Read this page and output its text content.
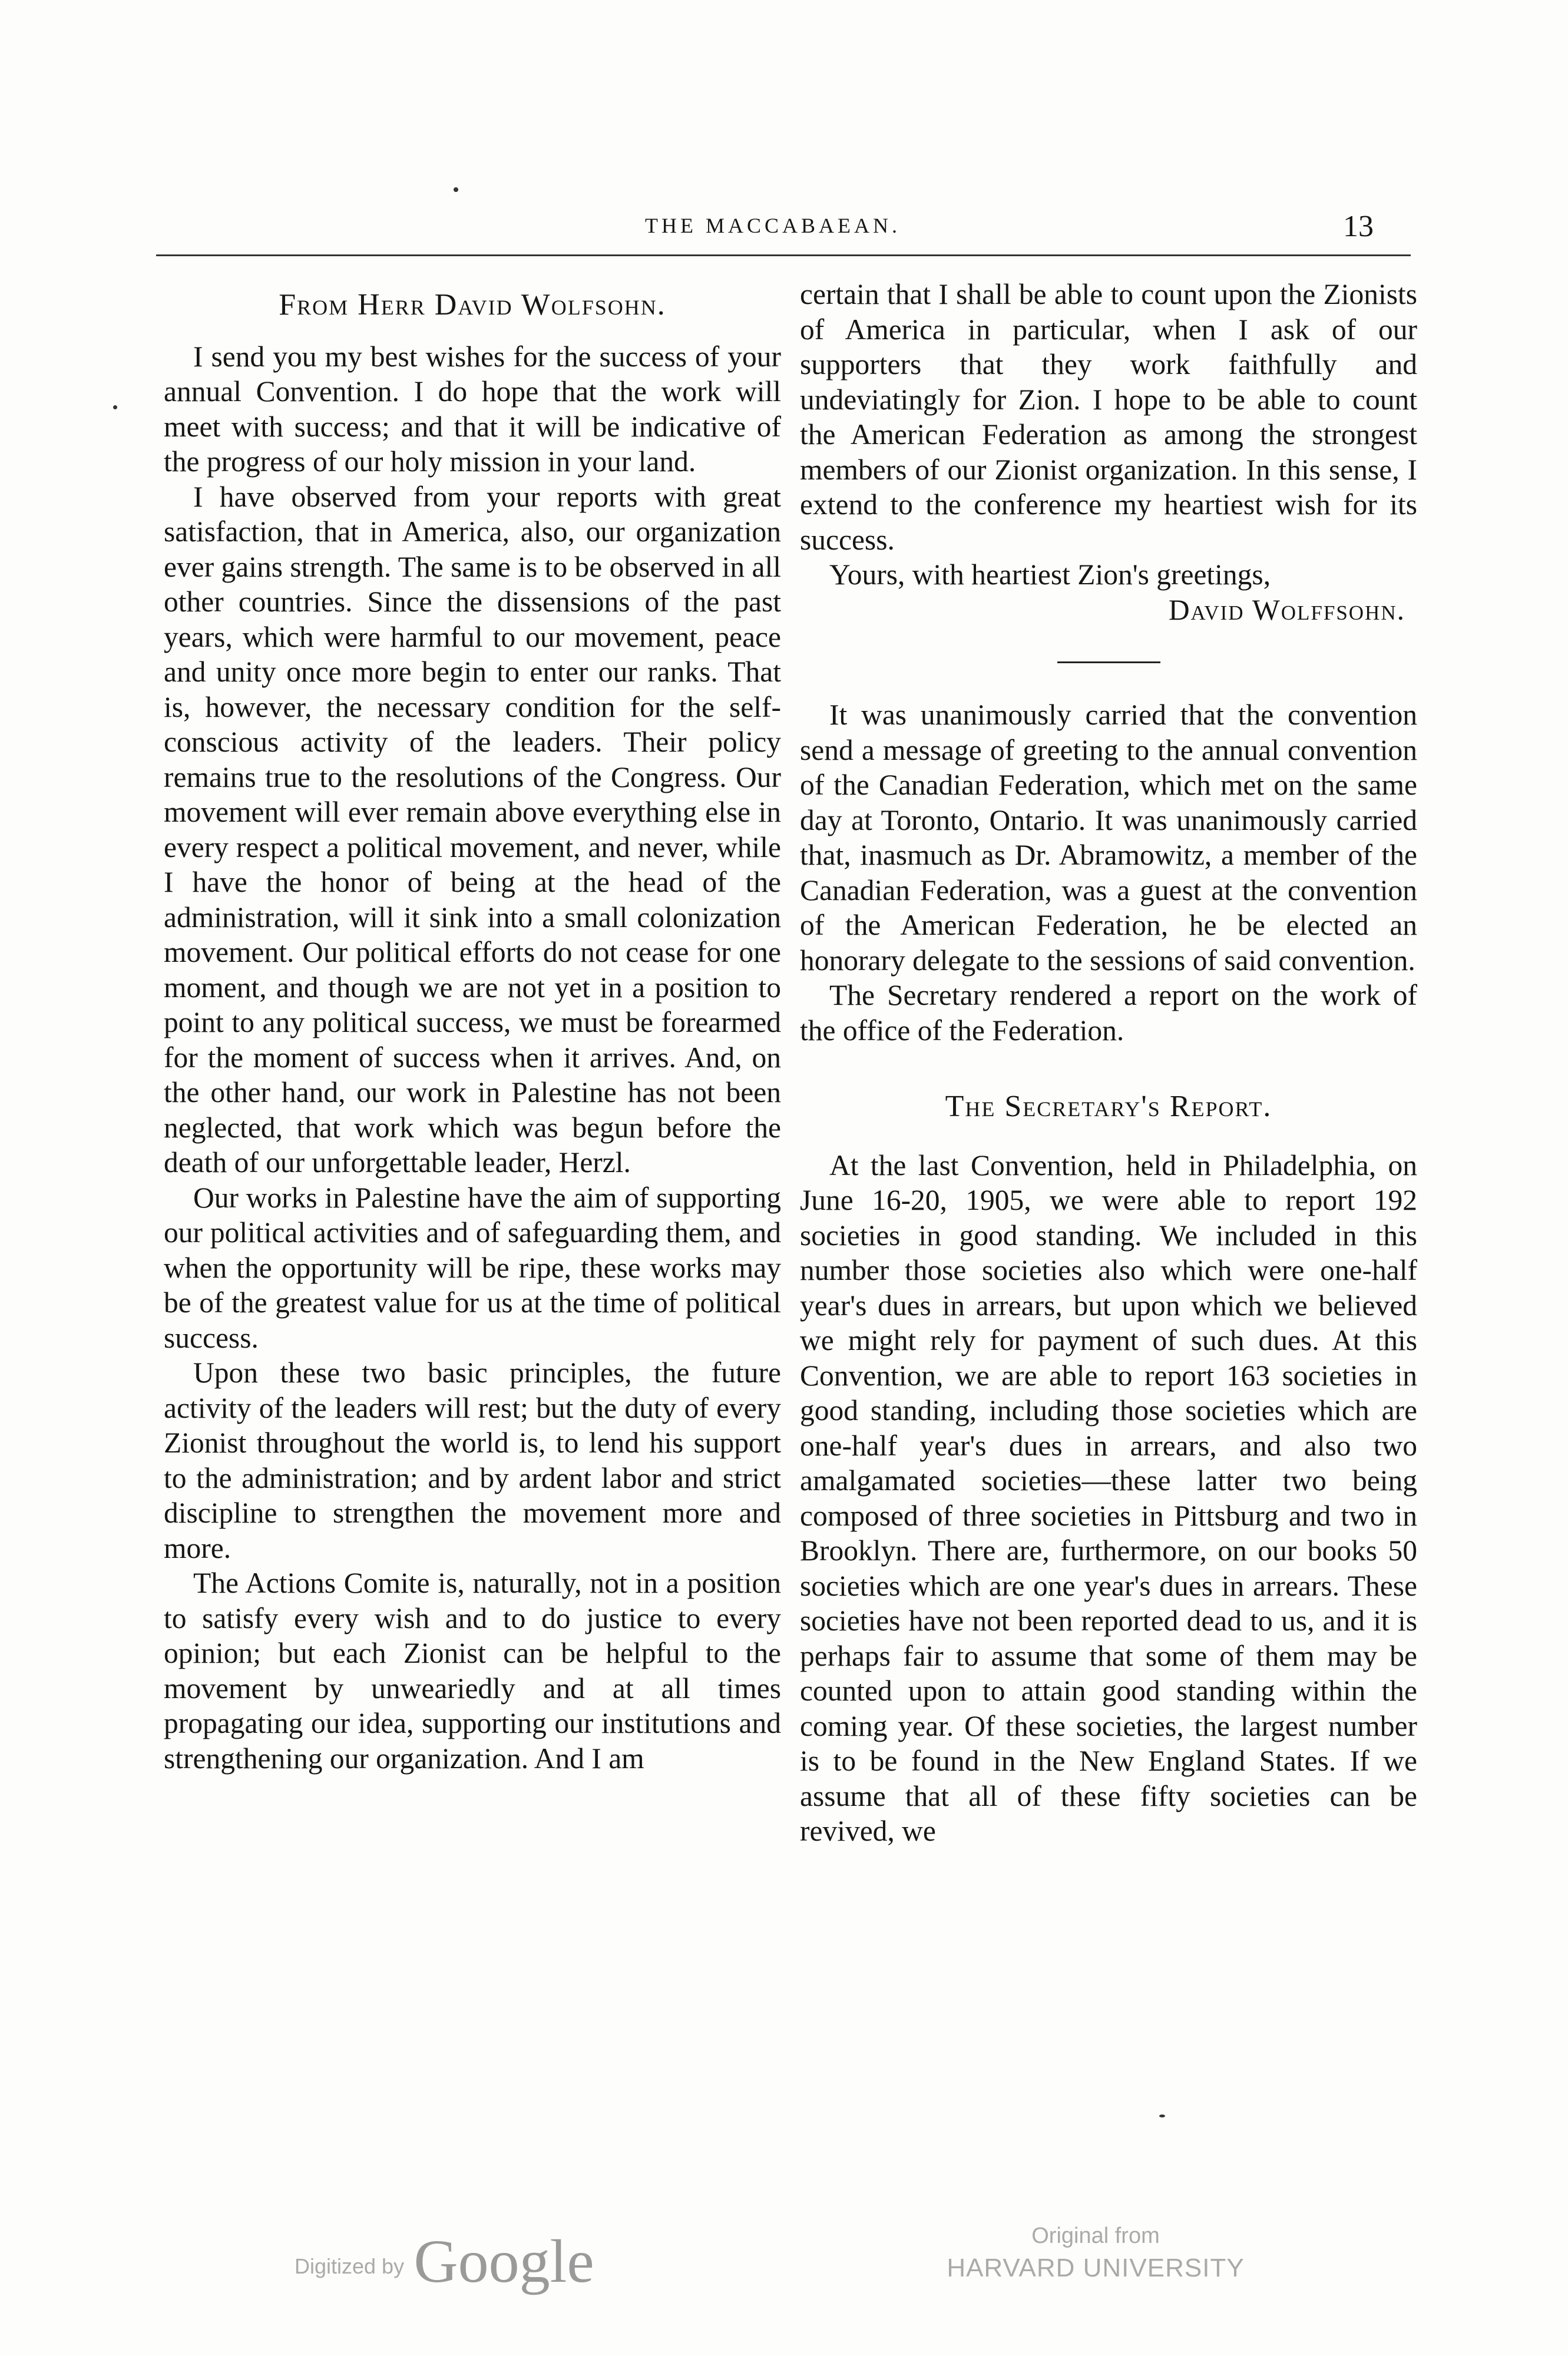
THE MACCABAEAN.	13
From Herr David Wolfsohn.

I send you my best wishes for the success of your annual Convention. I do hope that the work will meet with success; and that it will be indicative of the progress of our holy mission in your land.

I have observed from your reports with great satisfaction, that in America, also, our organization ever gains strength. The same is to be observed in all other countries. Since the dissensions of the past years, which were harmful to our movement, peace and unity once more begin to enter our ranks. That is, however, the necessary condition for the self-conscious activity of the leaders. Their policy remains true to the resolutions of the Congress. Our movement will ever remain above everything else in every respect a political movement, and never, while I have the honor of being at the head of the administration, will it sink into a small colonization movement. Our political efforts do not cease for one moment, and though we are not yet in a position to point to any political success, we must be forearmed for the moment of success when it arrives. And, on the other hand, our work in Palestine has not been neglected, that work which was begun before the death of our unforgettable leader, Herzl.

Our works in Palestine have the aim of supporting our political activities and of safeguarding them, and when the opportunity will be ripe, these works may be of the greatest value for us at the time of political success.

Upon these two basic principles, the future activity of the leaders will rest; but the duty of every Zionist throughout the world is, to lend his support to the administration; and by ardent labor and strict discipline to strengthen the movement more and more.

The Actions Comite is, naturally, not in a position to satisfy every wish and to do justice to every opinion; but each Zionist can be helpful to the movement by unweariedly and at all times propagating our idea, supporting our institutions and strengthening our organization. And I am

certain that I shall be able to count upon the Zionists of America in particular, when I ask of our supporters that they work faithfully and undeviatingly for Zion. I hope to be able to count the American Federation as among the strongest members of our Zionist organization. In this sense, I extend to the conference my heartiest wish for its success.

Yours, with heartiest Zion's greetings,

David Wolffsohn.

It was unanimously carried that the convention send a message of greeting to the annual convention of the Canadian Federation, which met on the same day at Toronto, Ontario. It was unanimously carried that, inasmuch as Dr. Abramowitz, a member of the Canadian Federation, was a guest at the convention of the American Federation, he be elected an honorary delegate to the sessions of said convention.

The Secretary rendered a report on the work of the office of the Federation.

The Secretary's Report.

At the last Convention, held in Philadelphia, on June 16-20, 1905, we were able to report 192 societies in good standing. We included in this number those societies also which were one-half year's dues in arrears, but upon which we believed we might rely for payment of such dues. At this Convention, we are able to report 163 societies in good standing, including those societies which are one-half year's dues in arrears, and also two amalgamated societies—these latter two being composed of three societies in Pittsburg and two in Brooklyn. There are, furthermore, on our books 50 societies which are one year's dues in arrears. These societies have not been reported dead to us, and it is perhaps fair to assume that some of them may be counted upon to attain good standing within the coming year. Of these societies, the largest number is to be found in the New England States. If we assume that all of these fifty societies can be revived, we

Digitized by Google	Original from
HARVARD UNIVERSITY
